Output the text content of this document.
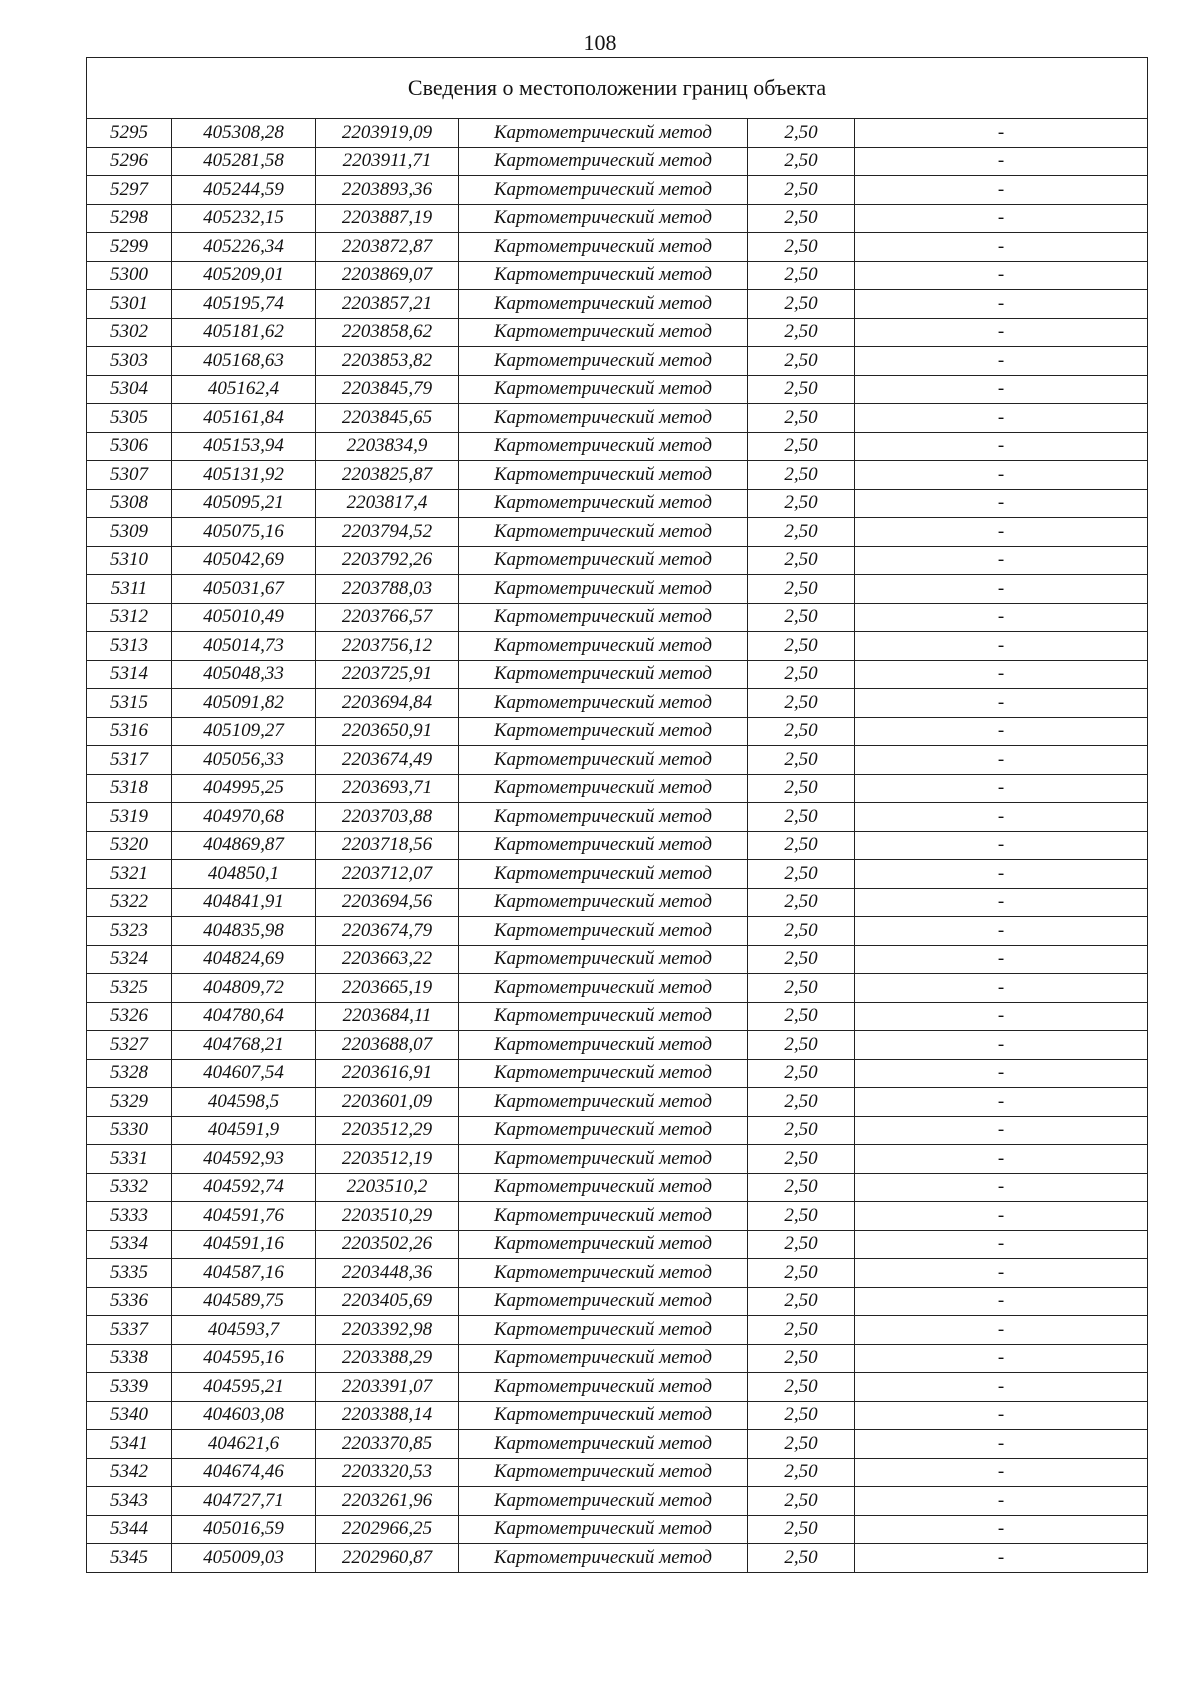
108
Сведения о местоположении границ объекта					
5295	405308,28	2203919,09	Картометрический метод	2,50	-
5296	405281,58	2203911,71	Картометрический метод	2,50	-
5297	405244,59	2203893,36	Картометрический метод	2,50	-
5298	405232,15	2203887,19	Картометрический метод	2,50	-
5299	405226,34	2203872,87	Картометрический метод	2,50	-
5300	405209,01	2203869,07	Картометрический метод	2,50	-
5301	405195,74	2203857,21	Картометрический метод	2,50	-
5302	405181,62	2203858,62	Картометрический метод	2,50	-
5303	405168,63	2203853,82	Картометрический метод	2,50	-
5304	405162,4	2203845,79	Картометрический метод	2,50	-
5305	405161,84	2203845,65	Картометрический метод	2,50	-
5306	405153,94	2203834,9	Картометрический метод	2,50	-
5307	405131,92	2203825,87	Картометрический метод	2,50	-
5308	405095,21	2203817,4	Картометрический метод	2,50	-
5309	405075,16	2203794,52	Картометрический метод	2,50	-
5310	405042,69	2203792,26	Картометрический метод	2,50	-
5311	405031,67	2203788,03	Картометрический метод	2,50	-
5312	405010,49	2203766,57	Картометрический метод	2,50	-
5313	405014,73	2203756,12	Картометрический метод	2,50	-
5314	405048,33	2203725,91	Картометрический метод	2,50	-
5315	405091,82	2203694,84	Картометрический метод	2,50	-
5316	405109,27	2203650,91	Картометрический метод	2,50	-
5317	405056,33	2203674,49	Картометрический метод	2,50	-
5318	404995,25	2203693,71	Картометрический метод	2,50	-
5319	404970,68	2203703,88	Картометрический метод	2,50	-
5320	404869,87	2203718,56	Картометрический метод	2,50	-
5321	404850,1	2203712,07	Картометрический метод	2,50	-
5322	404841,91	2203694,56	Картометрический метод	2,50	-
5323	404835,98	2203674,79	Картометрический метод	2,50	-
5324	404824,69	2203663,22	Картометрический метод	2,50	-
5325	404809,72	2203665,19	Картометрический метод	2,50	-
5326	404780,64	2203684,11	Картометрический метод	2,50	-
5327	404768,21	2203688,07	Картометрический метод	2,50	-
5328	404607,54	2203616,91	Картометрический метод	2,50	-
5329	404598,5	2203601,09	Картометрический метод	2,50	-
5330	404591,9	2203512,29	Картометрический метод	2,50	-
5331	404592,93	2203512,19	Картометрический метод	2,50	-
5332	404592,74	2203510,2	Картометрический метод	2,50	-
5333	404591,76	2203510,29	Картометрический метод	2,50	-
5334	404591,16	2203502,26	Картометрический метод	2,50	-
5335	404587,16	2203448,36	Картометрический метод	2,50	-
5336	404589,75	2203405,69	Картометрический метод	2,50	-
5337	404593,7	2203392,98	Картометрический метод	2,50	-
5338	404595,16	2203388,29	Картометрический метод	2,50	-
5339	404595,21	2203391,07	Картометрический метод	2,50	-
5340	404603,08	2203388,14	Картометрический метод	2,50	-
5341	404621,6	2203370,85	Картометрический метод	2,50	-
5342	404674,46	2203320,53	Картометрический метод	2,50	-
5343	404727,71	2203261,96	Картометрический метод	2,50	-
5344	405016,59	2202966,25	Картометрический метод	2,50	-
5345	405009,03	2202960,87	Картометрический метод	2,50	-
